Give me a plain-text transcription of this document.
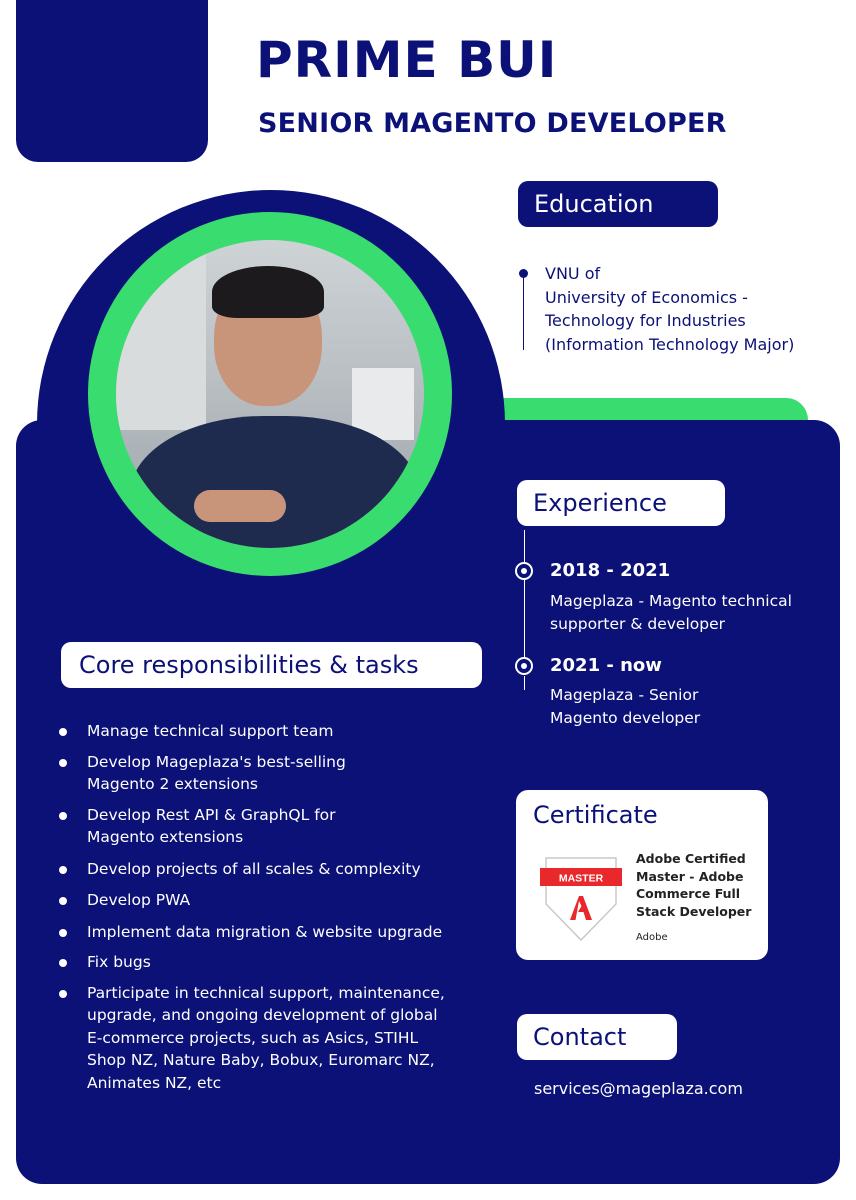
PRIME BUI
SENIOR MAGENTO DEVELOPER
Education
VNU of
University of Economics -
Technology for Industries
(Information Technology Major)
Experience
2018 - 2021
Mageplaza - Magento technical
supporter & developer
2021 - now
Mageplaza - Senior
Magento developer
Core responsibilities & tasks
Manage technical support team
Develop Mageplaza's best-selling
Magento 2 extensions
Develop Rest API & GraphQL for
Magento extensions
Develop projects of all scales & complexity
Develop PWA
Implement data migration & website upgrade
Fix bugs
Participate in technical support, maintenance,
upgrade, and ongoing development of global
E-commerce projects, such as Asics, STIHL
Shop NZ, Nature Baby, Bobux, Euromarc NZ,
Animates NZ, etc
Certificate
MASTER
Adobe Certified
Master - Adobe
Commerce Full
Stack Developer
Adobe
Contact
services@mageplaza.com
